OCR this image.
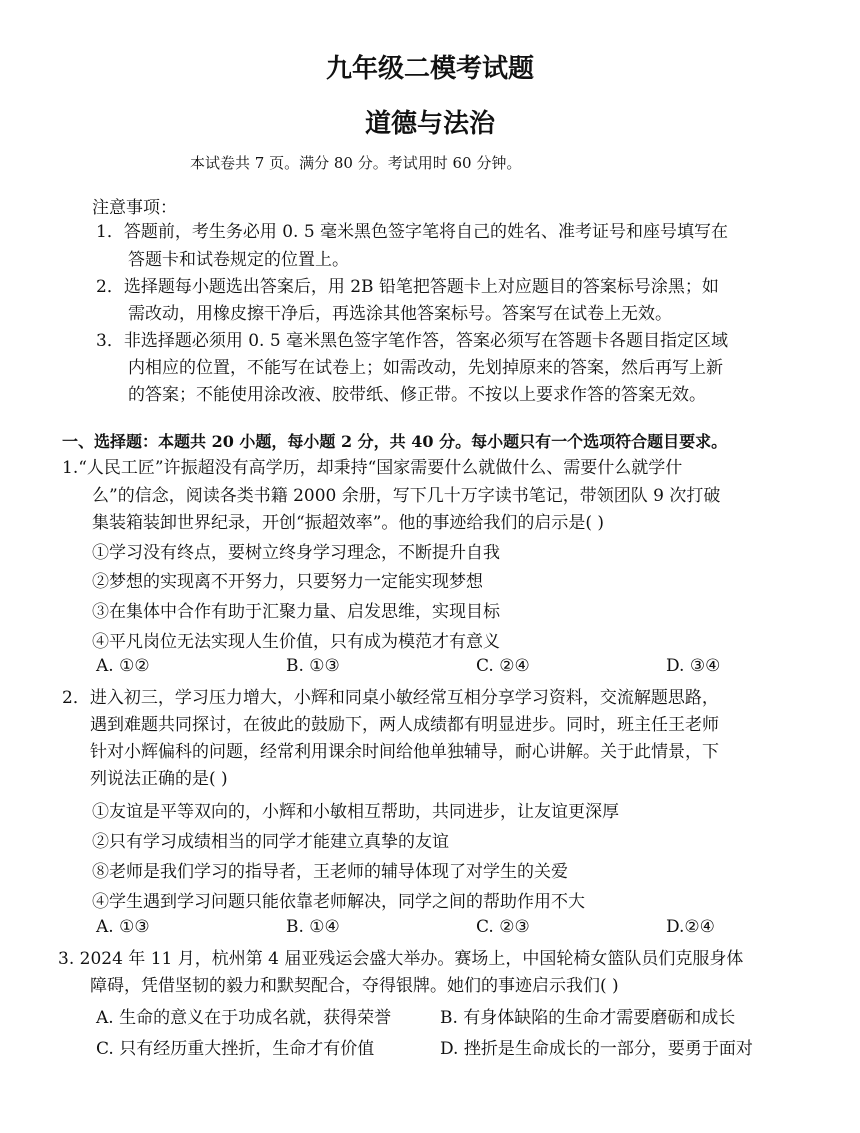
九年级二模考试题
道德与法治
本试卷共 7 页。满分 80 分。考试用时 60 分钟。
注意事项：
1．答题前，考生务必用 0. 5 毫米黑色签字笔将自己的姓名、准考证号和座号填写在
答题卡和试卷规定的位置上。
2．选择题每小题选出答案后，用 2B 铅笔把答题卡上对应题目的答案标号涂黑；如
需改动，用橡皮擦干净后，再选涂其他答案标号。答案写在试卷上无效。
3．非选择题必须用 0. 5 毫米黑色签字笔作答，答案必须写在答题卡各题目指定区域
内相应的位置，不能写在试卷上；如需改动，先划掉原来的答案，然后再写上新
的答案；不能使用涂改液、胶带纸、修正带。不按以上要求作答的答案无效。
一、选择题：本题共 20 小题，每小题 2 分，共 40 分。每小题只有一个选项符合题目要求。
1.“人民工匠”许振超没有高学历，却秉持“国家需要什么就做什么、需要什么就学什
么”的信念，阅读各类书籍 2000 余册，写下几十万字读书笔记，带领团队 9 次打破
集装箱装卸世界纪录，开创“振超效率”。他的事迹给我们的启示是( )
①学习没有终点，要树立终身学习理念，不断提升自我
②梦想的实现离不开努力，只要努力一定能实现梦想
③在集体中合作有助于汇聚力量、启发思维，实现目标
④平凡岗位无法实现人生价值，只有成为模范才有意义
A. ①②	B. ①③	C. ②④	D. ③④
2．进入初三，学习压力增大，小辉和同桌小敏经常互相分享学习资料，交流解题思路，
遇到难题共同探讨，在彼此的鼓励下，两人成绩都有明显进步。同时，班主任王老师
针对小辉偏科的问题，经常利用课余时间给他单独辅导，耐心讲解。关于此情景，下
列说法正确的是( )
①友谊是平等双向的，小辉和小敏相互帮助，共同进步，让友谊更深厚
②只有学习成绩相当的同学才能建立真挚的友谊
⑧老师是我们学习的指导者，王老师的辅导体现了对学生的关爱
④学生遇到学习问题只能依靠老师解决，同学之间的帮助作用不大
A. ①③	B. ①④	C. ②③	D.②④
3. 2024 年 11 月，杭州第 4 届亚残运会盛大举办。赛场上，中国轮椅女篮队员们克服身体
障碍，凭借坚韧的毅力和默契配合，夺得银牌。她们的事迹启示我们( )
A. 生命的意义在于功成名就，获得荣誉	B. 有身体缺陷的生命才需要磨砺和成长
C. 只有经历重大挫折，生命才有价值	D. 挫折是生命成长的一部分，要勇于面对
